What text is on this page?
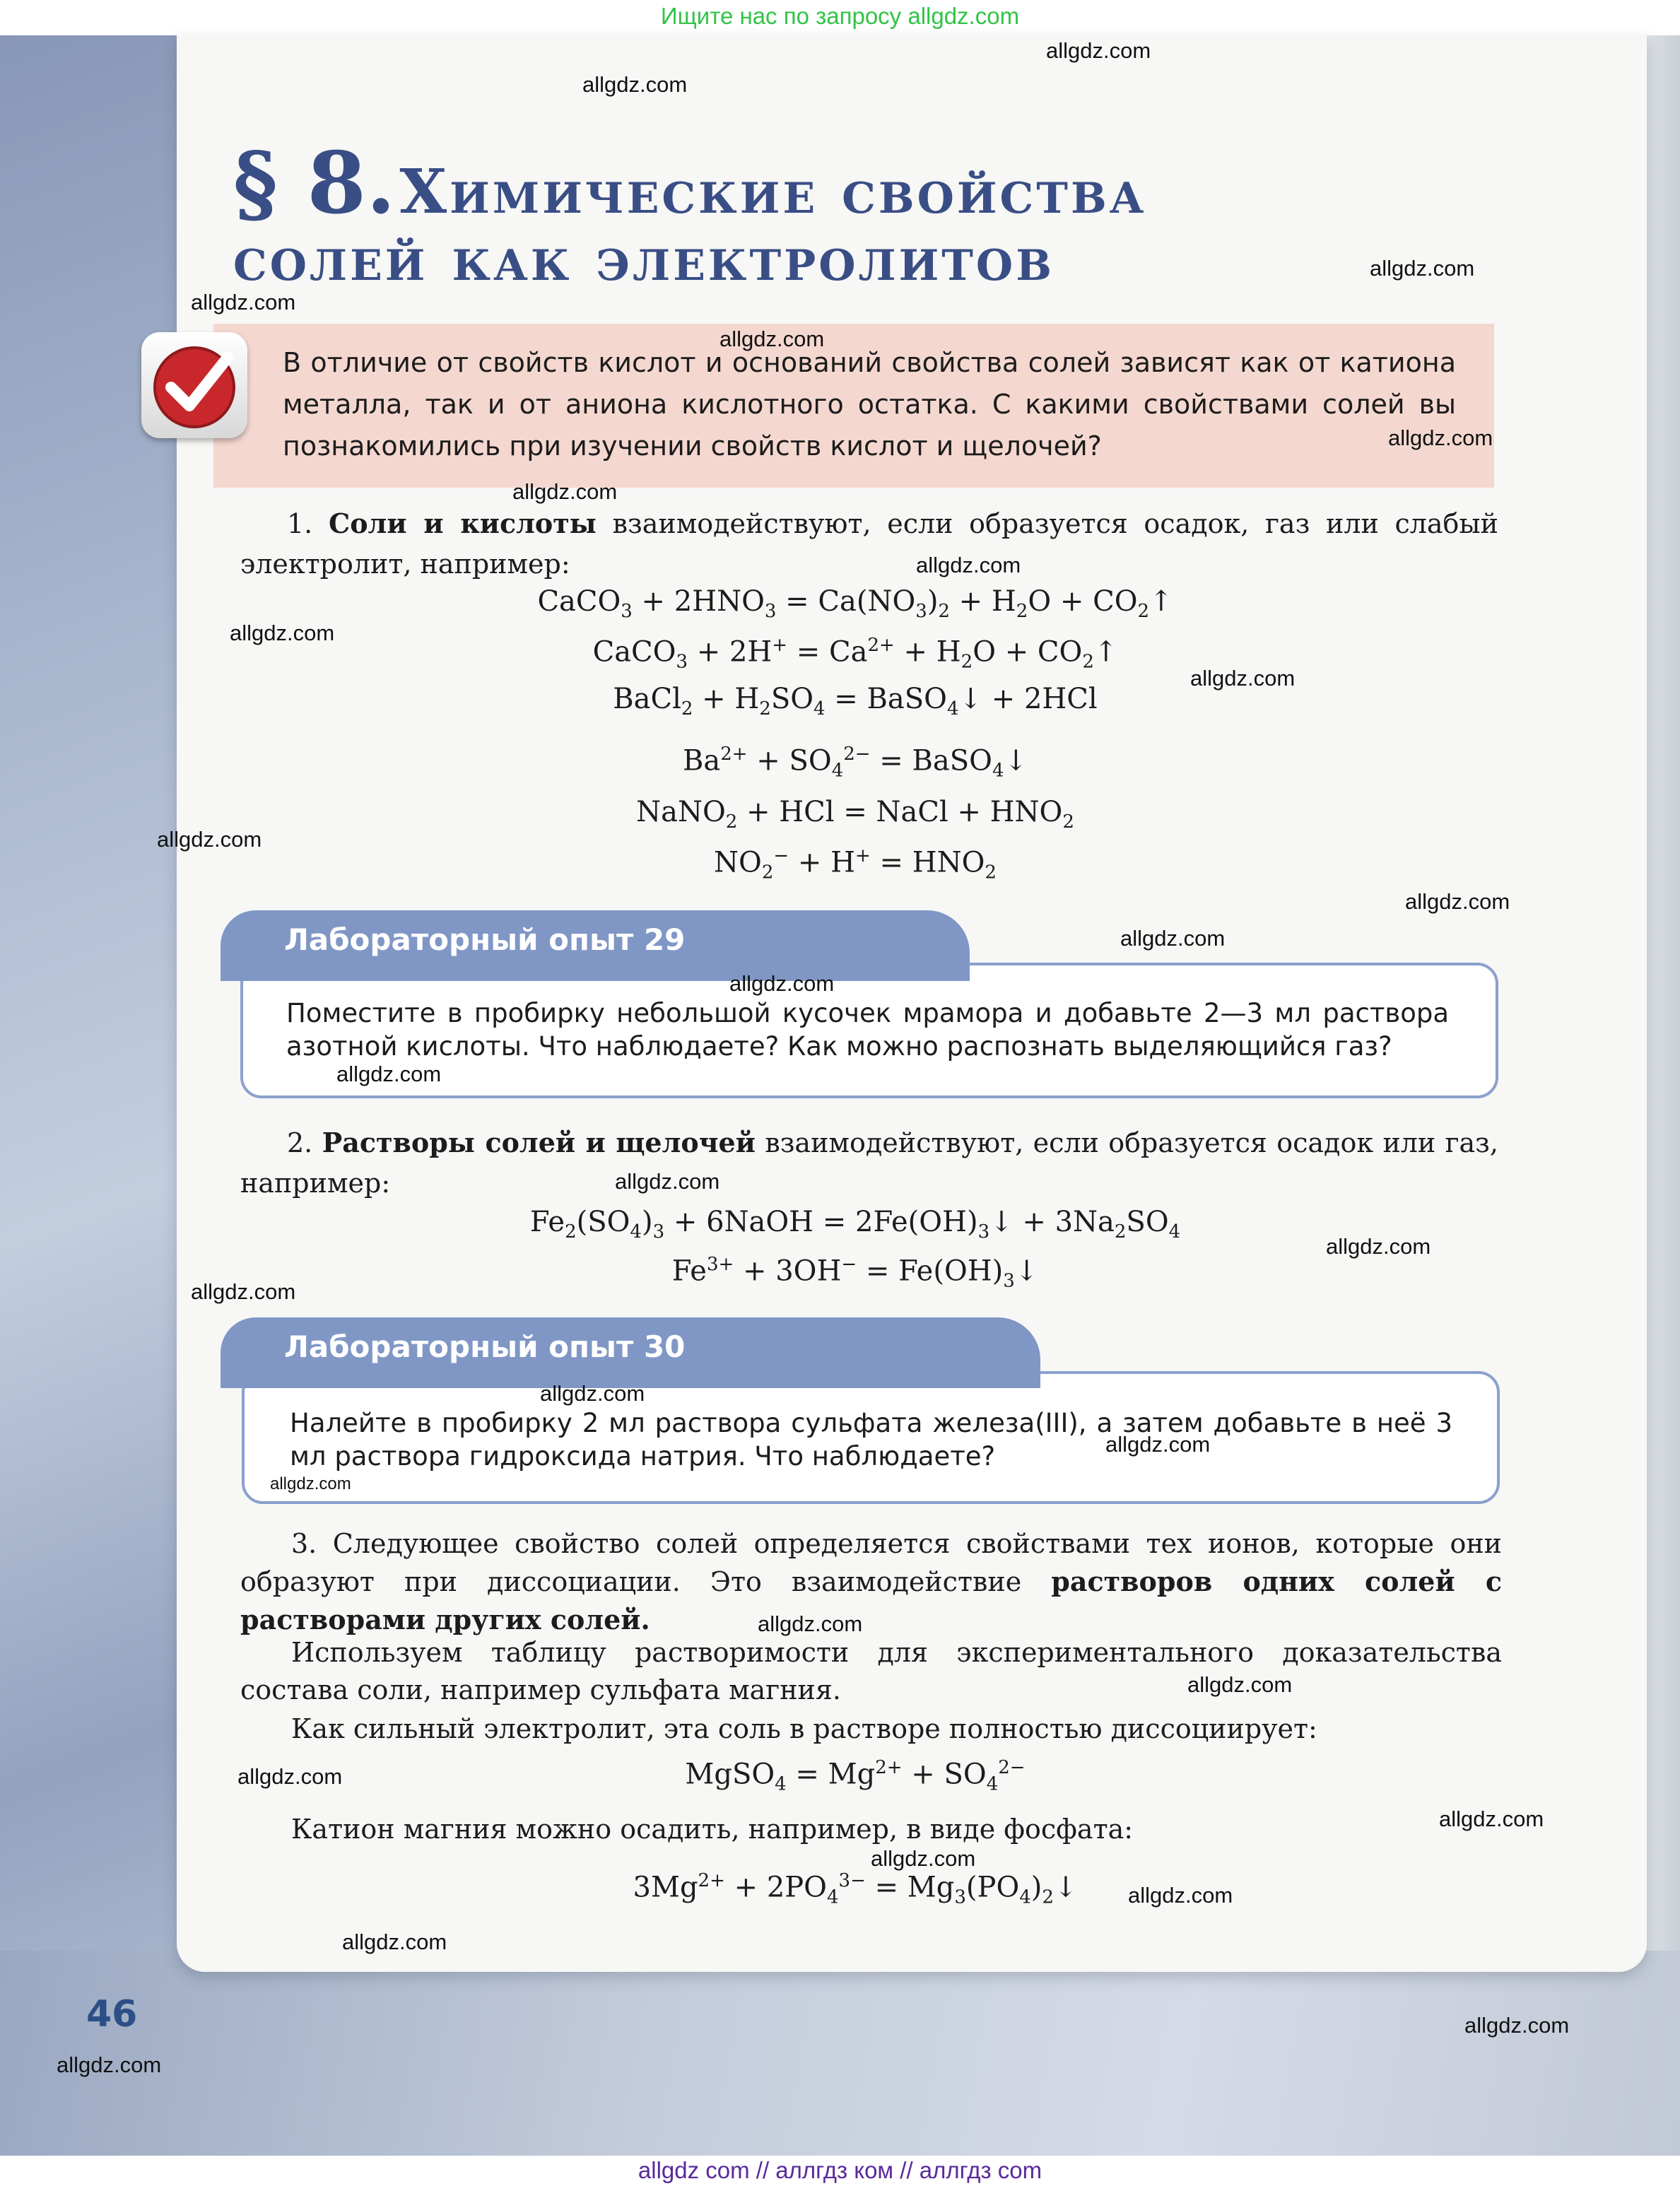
Ищите нас по запросу allgdz.com
§ 8. Химические свойства
солей как электролитов
В отличие от свойств кислот и оснований свойства солей зависят как от катиона металла, так и от аниона кислотного остатка. С какими свойствами солей вы познакомились при изучении свойств кислот и щелочей?
1. Соли и кислоты взаимодействуют, если образуется осадок, газ или слабый электролит, например:
CaCO$_3$ + $2HNO_3 = Ca(NO_3)_2 + H_2O$ + $CO_2↑$
CaCO$_3$ + $2H^+ = Ca^{2+} + H_2O$ + $CO_2↑$
BaCl$_2$ + $H_2SO_4$ = BaSO$_4$↓ + 2HCl
$Ba^{2+} + SO_4^{2-}$ = BaSO$_4$↓
NaNO$_2$ + HCl = NaCl + $HNO_2$
$NO_2^- + H^+ = HNO_2$
Лабораторный опыт 29
Поместите в пробирку небольшой кусочек мрамора и добавьте 2—3 мл раствора азотной кислоты. Что наблюдаете? Как можно распознать выделяющийся газ?
2. Растворы солей и щелочей взаимодействуют, если образуется осадок или газ, например:
$Fe_2(SO_4)_3$ + 6NaOH = $2Fe(OH)_3↓ + 3Na_2SO_4$
$Fe^{3+} + 3OH^-$ = $Fe(OH)_3↓$
Лабораторный опыт 30
Налейте в пробирку 2 мл раствора сульфата железа(III), а затем добавьте в неё 3 мл раствора гидроксида натрия. Что наблюдаете?
3. Следующее свойство солей определяется свойствами тех ионов, которые они образуют при диссоциации. Это взаимодействие растворов одних солей с растворами других солей.
Используем таблицу растворимости для экспериментального доказательства состава соли, например сульфата магния.
Как сильный электролит, эта соль в растворе полностью диссоциирует:
MgSO$_4$ = $Mg^{2+} + SO_4^{2-}$
Катион магния можно осадить, например, в виде фосфата:
$3Mg^{2+} + 2PO_4^{3-}$ = $Mg_3(PO_4)_2↓$
46
allgdz.com
allgdz.com
allgdz.com
allgdz.com
allgdz.com
allgdz.com
allgdz.com
allgdz.com
allgdz.com
allgdz.com
allgdz.com
allgdz.com
allgdz.com
allgdz.com
allgdz.com
allgdz.com
allgdz.com
allgdz.com
allgdz.com
allgdz.com
allgdz.com
allgdz.com
allgdz.com
allgdz.com
allgdz.com
allgdz.com
allgdz.com
allgdz.com
allgdz.com
allgdz.com
allgdz com // аллгдз ком // аллгдз com
